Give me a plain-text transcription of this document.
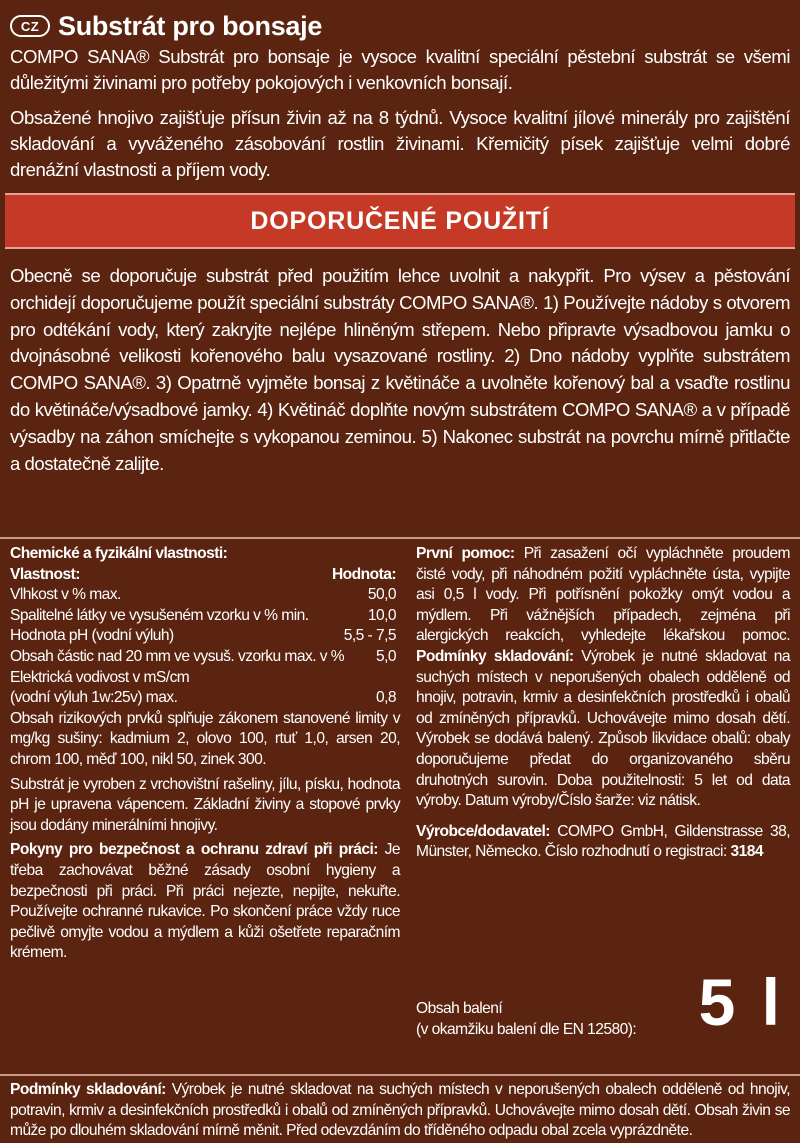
CZ Substrát pro bonsaje

COMPO SANA® Substrát pro bonsaje je vysoce kvalitní speciální pěstební substrát se všemi důležitými živinami pro potřeby pokojových i venkovních bonsají.

Obsažené hnojivo zajišťuje přísun živin až na 8 týdnů. Vysoce kvalitní jílové minerály pro zajištění skladování a vyváženého zásobování rostlin živinami. Křemičitý písek zajišťuje velmi dobré drenážní vlastnosti a příjem vody.

DOPORUČENÉ POUŽITÍ

Obecně se doporučuje substrát před použitím lehce uvolnit a nakypřit. Pro výsev a pěstování orchidejí doporučujeme použít speciální substráty COMPO SANA®. 1) Používejte nádoby s otvorem pro odtékání vody, který zakryjte nejlépe hliněným střepem. Nebo připravte výsadbovou jamku o dvojnásobné velikosti kořenového balu vysazované rostliny. 2) Dno nádoby vyplňte substrátem COMPO SANA®. 3) Opatrně vyjměte bonsaj z květináče a uvolněte kořenový bal a vsaďte rostlinu do květináče/výsadbové jamky. 4) Květináč doplňte novým substrátem COMPO SANA® a v případě výsadby na záhon smíchejte s vykopanou zeminou. 5) Nakonec substrát na povrchu mírně přitlačte a dostatečně zalijte.

Chemické a fyzikální vlastnosti:
Vlastnost:	Hodnota:
Vlhkost v % max.	50,0
Spalitelné látky ve vysušeném vzorku v % min.	10,0
Hodnota pH (vodní výluh)	5,5 - 7,5
Obsah částic nad 20 mm ve vysuš. vzorku max. v % 5,0
Elektrická vodivost v mS/cm
(vodní výluh 1w:25v) max.	0,8
Obsah rizikových prvků splňuje zákonem stanovené limity v mg/kg sušiny: kadmium 2, olovo 100, rtuť 1,0, arsen 20, chrom 100, měď 100, nikl 50, zinek 300.
Substrát je vyroben z vrchovištní rašeliny, jílu, písku, hodnota pH je upravena vápencem. Základní živiny a stopové prvky jsou dodány minerálními hnojivy.
Pokyny pro bezpečnost a ochranu zdraví při práci: Je třeba zachovávat běžné zásady osobní hygieny a bezpečnosti při práci. Při práci nejezte, nepijte, nekuřte. Používejte ochranné rukavice. Po skončení práce vždy ruce pečlivě omyjte vodou a mýdlem a kůži ošetřete reparačním krémem.
První pomoc: Při zasažení očí vypláchněte proudem čisté vody, při náhodném požití vypláchněte ústa, vypijte asi 0,5 l vody. Při potřísnění pokožky omýt vodou a mýdlem. Při vážnějších případech, zejména při alergických reakcích, vyhledejte lékařskou pomoc. Podmínky skladování: Výrobek je nutné skladovat na suchých místech v neporušených obalech odděleně od hnojiv, potravin, krmiv a desinfekčních prostředků i obalů od zmíněných přípravků. Uchovávejte mimo dosah dětí. Výrobek se dodává balený. Způsob likvidace obalů: obaly doporučujeme předat do organizovaného sběru druhotných surovin. Doba použitelnosti: 5 let od data výroby. Datum výroby/Číslo šarže: viz nátisk.
Výrobce/dodavatel: COMPO GmbH, Gildenstrasse 38, Münster, Německo. Číslo rozhodnutí o registraci: 3184
Obsah balení
(v okamžiku balení dle EN 12580): 5 l
Podmínky skladování: Výrobek je nutné skladovat na suchých místech v neporušených obalech odděleně od hnojiv, potravin, krmiv a desinfekčních prostředků i obalů od zmíněných přípravků. Uchovávejte mimo dosah dětí. Obsah živin se může po dlouhém skladování mírně měnit. Před odevzdáním do tříděného odpadu obal zcela vyprázdněte.
